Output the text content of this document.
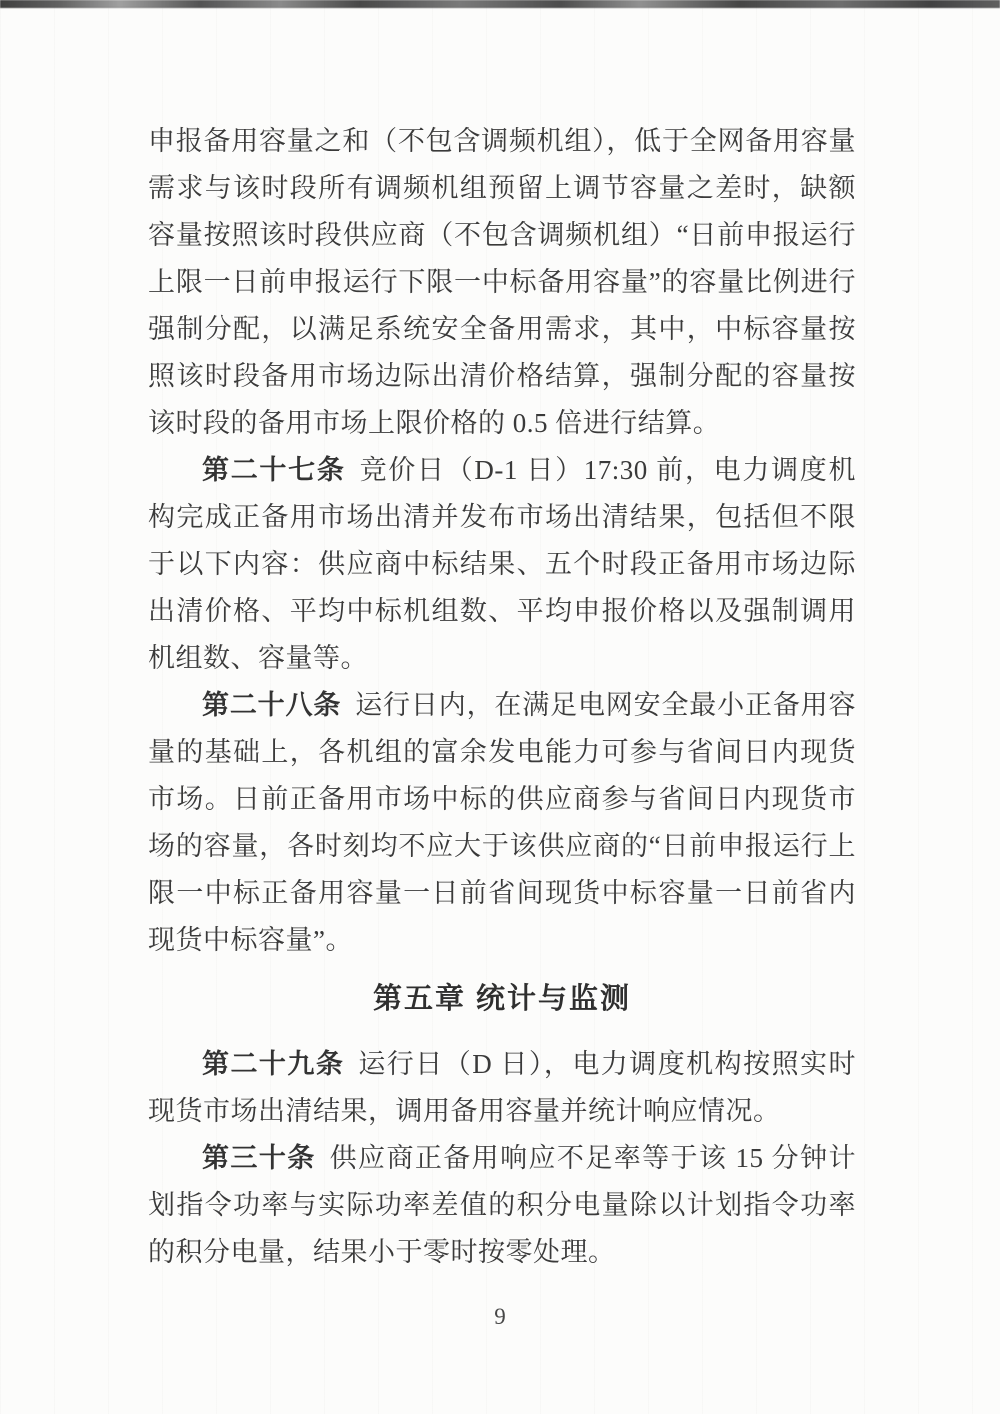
申报备用容量之和（不包含调频机组），低于全网备用容量需求与该时段所有调频机组预留上调节容量之差时，缺额容量按照该时段供应商（不包含调频机组）“日前申报运行上限一日前申报运行下限一中标备用容量”的容量比例进行强制分配，以满足系统安全备用需求，其中，中标容量按照该时段备用市场边际出清价格结算，强制分配的容量按该时段的备用市场上限价格的 0.5 倍进行结算。

第二十七条 竞价日（D-1 日）17:30 前，电力调度机构完成正备用市场出清并发布市场出清结果，包括但不限于以下内容：供应商中标结果、五个时段正备用市场边际出清价格、平均中标机组数、平均申报价格以及强制调用机组数、容量等。

第二十八条 运行日内，在满足电网安全最小正备用容量的基础上，各机组的富余发电能力可参与省间日内现货市场。日前正备用市场中标的供应商参与省间日内现货市场的容量，各时刻均不应大于该供应商的“日前申报运行上限一中标正备用容量一日前省间现货中标容量一日前省内现货中标容量”。

第五章 统计与监测

第二十九条 运行日（D 日），电力调度机构按照实时现货市场出清结果，调用备用容量并统计响应情况。

第三十条 供应商正备用响应不足率等于该 15 分钟计划指令功率与实际功率差值的积分电量除以计划指令功率的积分电量，结果小于零时按零处理。

9
